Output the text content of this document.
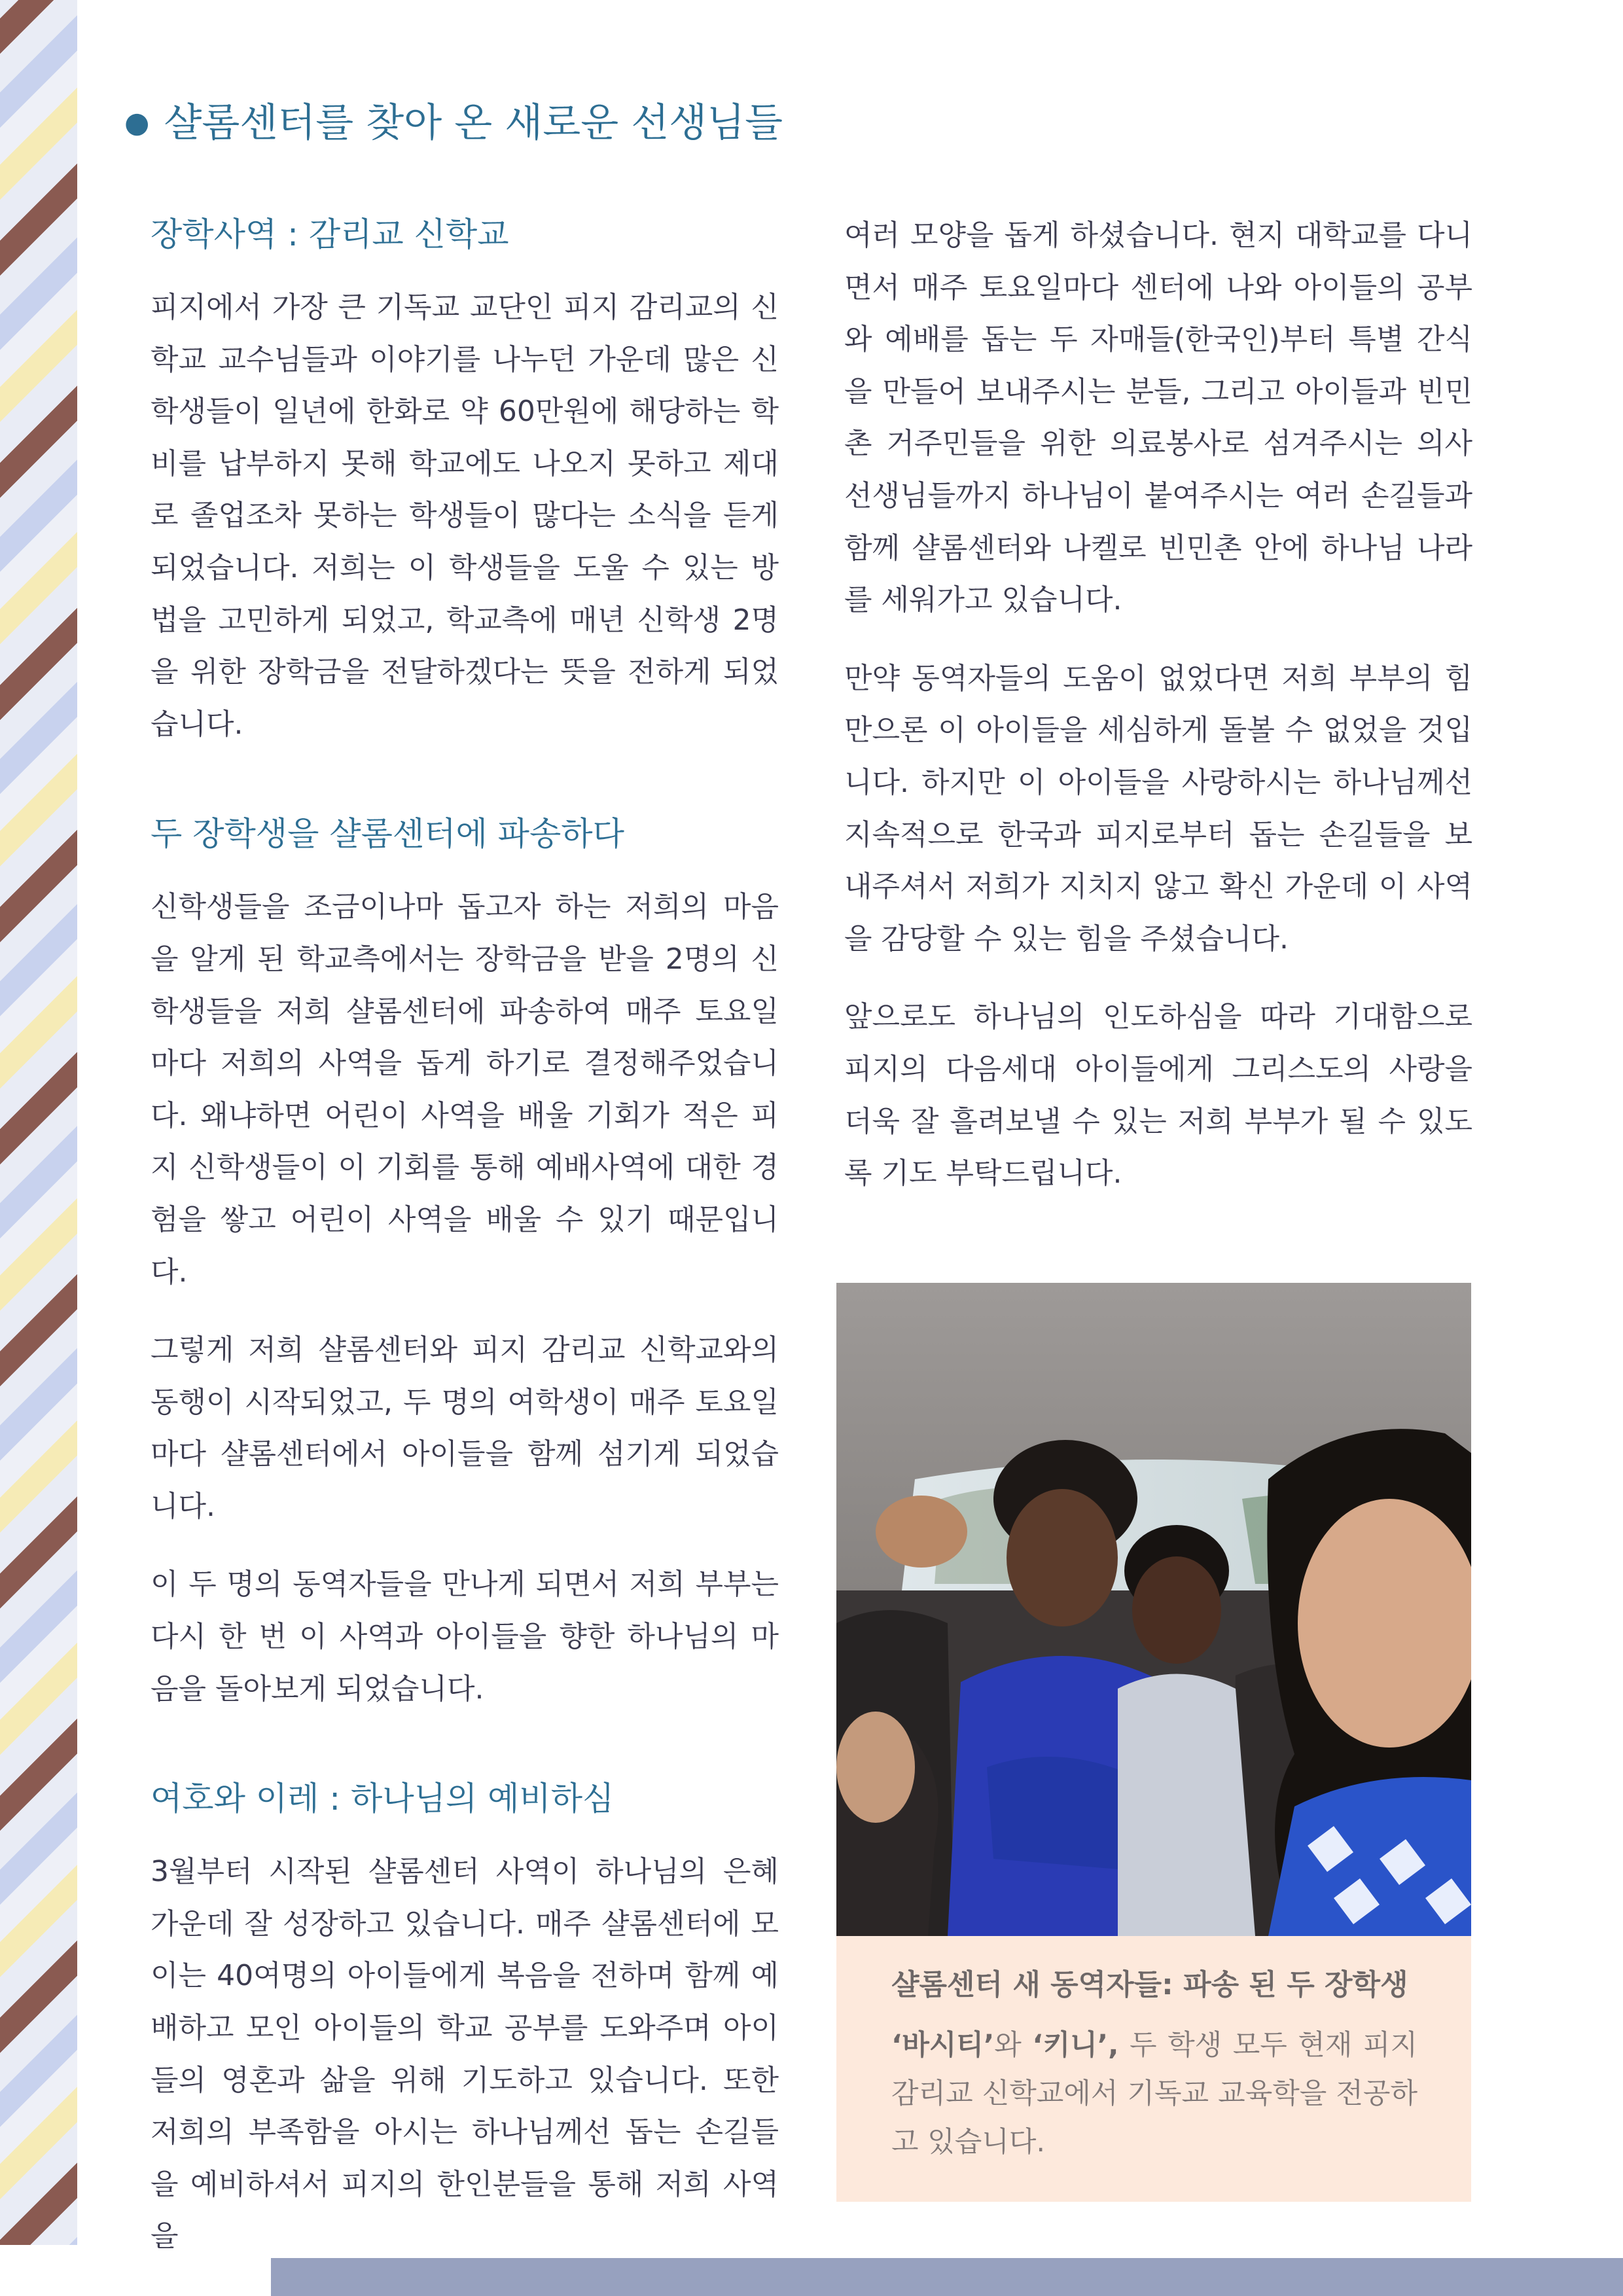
● 샬롬센터를 찾아 온 새로운 선생님들
장학사역 : 감리교 신학교

피지에서 가장 큰 기독교 교단인 피지 감리교의 신학교 교수님들과 이야기를 나누던 가운데 많은 신학생들이 일년에 한화로 약 60만원에 해당하는 학비를 납부하지 못해 학교에도 나오지 못하고 제대로 졸업조차 못하는 학생들이 많다는 소식을 듣게 되었습니다. 저희는 이 학생들을 도울 수 있는 방법을 고민하게 되었고, 학교측에 매년 신학생 2명을 위한 장학금을 전달하겠다는 뜻을 전하게 되었습니다.

두 장학생을 샬롬센터에 파송하다

신학생들을 조금이나마 돕고자 하는 저희의 마음을 알게 된 학교측에서는 장학금을 받을 2명의 신학생들을 저희 샬롬센터에 파송하여 매주 토요일마다 저희의 사역을 돕게 하기로 결정해주었습니다. 왜냐하면 어린이 사역을 배울 기회가 적은 피지 신학생들이 이 기회를 통해 예배사역에 대한 경험을 쌓고 어린이 사역을 배울 수 있기 때문입니다.

그렇게 저희 샬롬센터와 피지 감리교 신학교와의 동행이 시작되었고, 두 명의 여학생이 매주 토요일마다 샬롬센터에서 아이들을 함께 섬기게 되었습니다.

이 두 명의 동역자들을 만나게 되면서 저희 부부는 다시 한 번 이 사역과 아이들을 향한 하나님의 마음을 돌아보게 되었습니다.

여호와 이레 : 하나님의 예비하심

3월부터 시작된 샬롬센터 사역이 하나님의 은혜 가운데 잘 성장하고 있습니다. 매주 샬롬센터에 모이는 40여명의 아이들에게 복음을 전하며 함께 예배하고 모인 아이들의 학교 공부를 도와주며 아이들의 영혼과 삶을 위해 기도하고 있습니다. 또한 저희의 부족함을 아시는 하나님께선 돕는 손길들을 예비하셔서 피지의 한인분들을 통해 저희 사역을

여러 모양을 돕게 하셨습니다. 현지 대학교를 다니면서 매주 토요일마다 센터에 나와 아이들의 공부와 예배를 돕는 두 자매들(한국인)부터 특별 간식을 만들어 보내주시는 분들, 그리고 아이들과 빈민촌 거주민들을 위한 의료봉사로 섬겨주시는 의사 선생님들까지 하나님이 붙여주시는 여러 손길들과 함께 샬롬센터와 나켈로 빈민촌 안에 하나님 나라를 세워가고 있습니다.

만약 동역자들의 도움이 없었다면 저희 부부의 힘만으론 이 아이들을 세심하게 돌볼 수 없었을 것입니다. 하지만 이 아이들을 사랑하시는 하나님께선 지속적으로 한국과 피지로부터 돕는 손길들을 보내주셔서 저희가 지치지 않고 확신 가운데 이 사역을 감당할 수 있는 힘을 주셨습니다.

앞으로도 하나님의 인도하심을 따라 기대함으로 피지의 다음세대 아이들에게 그리스도의 사랑을 더욱 잘 흘려보낼 수 있는 저희 부부가 될 수 있도록 기도 부탁드립니다.

샬롬센터 새 동역자들: 파송 된 두 장학생

‘바시티’와 ‘키니’, 두 학생 모두 현재 피지 감리교 신학교에서 기독교 교육학을 전공하고 있습니다.
